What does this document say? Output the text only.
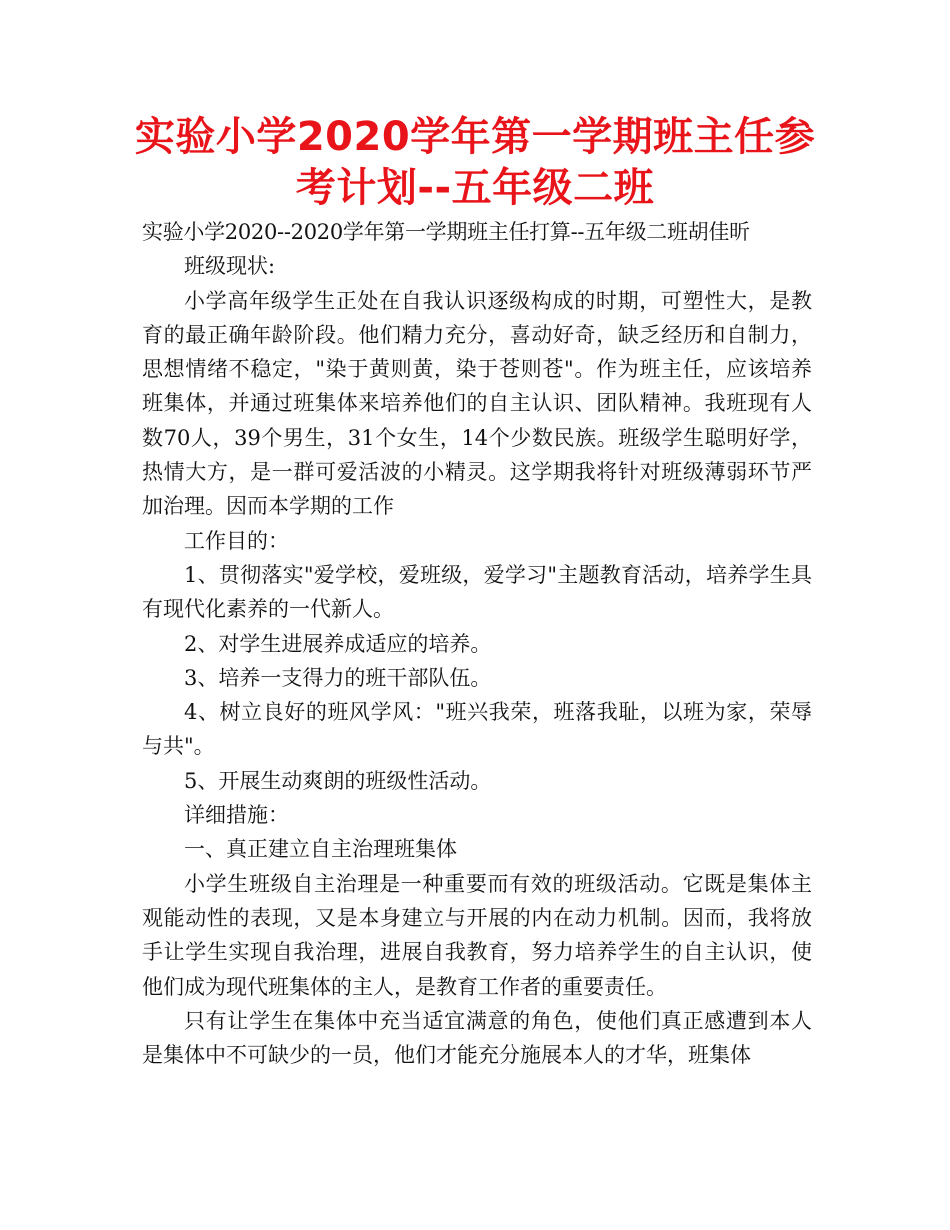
实验小学2020学年第一学期班主任参考计划--五年级二班

实验小学2020--2020学年第一学期班主任打算--五年级二班胡佳昕

班级现状:

小学高年级学生正处在自我认识逐级构成的时期，可塑性大，是教育的最正确年龄阶段。他们精力充分，喜动好奇，缺乏经历和自制力，思想情绪不稳定，"染于黄则黄，染于苍则苍"。作为班主任，应该培养班集体，并通过班集体来培养他们的自主认识、团队精神。我班现有人数70人，39个男生，31个女生，14个少数民族。班级学生聪明好学，热情大方，是一群可爱活波的小精灵。这学期我将针对班级薄弱环节严加治理。因而本学期的工作

工作目的：

1、贯彻落实"爱学校，爱班级，爱学习"主题教育活动，培养学生具有现代化素养的一代新人。

2、对学生进展养成适应的培养。

3、培养一支得力的班干部队伍。

4、树立良好的班风学风："班兴我荣，班落我耻，以班为家，荣辱与共"。

5、开展生动爽朗的班级性活动。

详细措施：

一、真正建立自主治理班集体

小学生班级自主治理是一种重要而有效的班级活动。它既是集体主观能动性的表现，又是本身建立与开展的内在动力机制。因而，我将放手让学生实现自我治理，进展自我教育，努力培养学生的自主认识，使他们成为现代班集体的主人，是教育工作者的重要责任。

只有让学生在集体中充当适宜满意的角色，使他们真正感遭到本人是集体中不可缺少的一员，他们才能充分施展本人的才华，班集体
